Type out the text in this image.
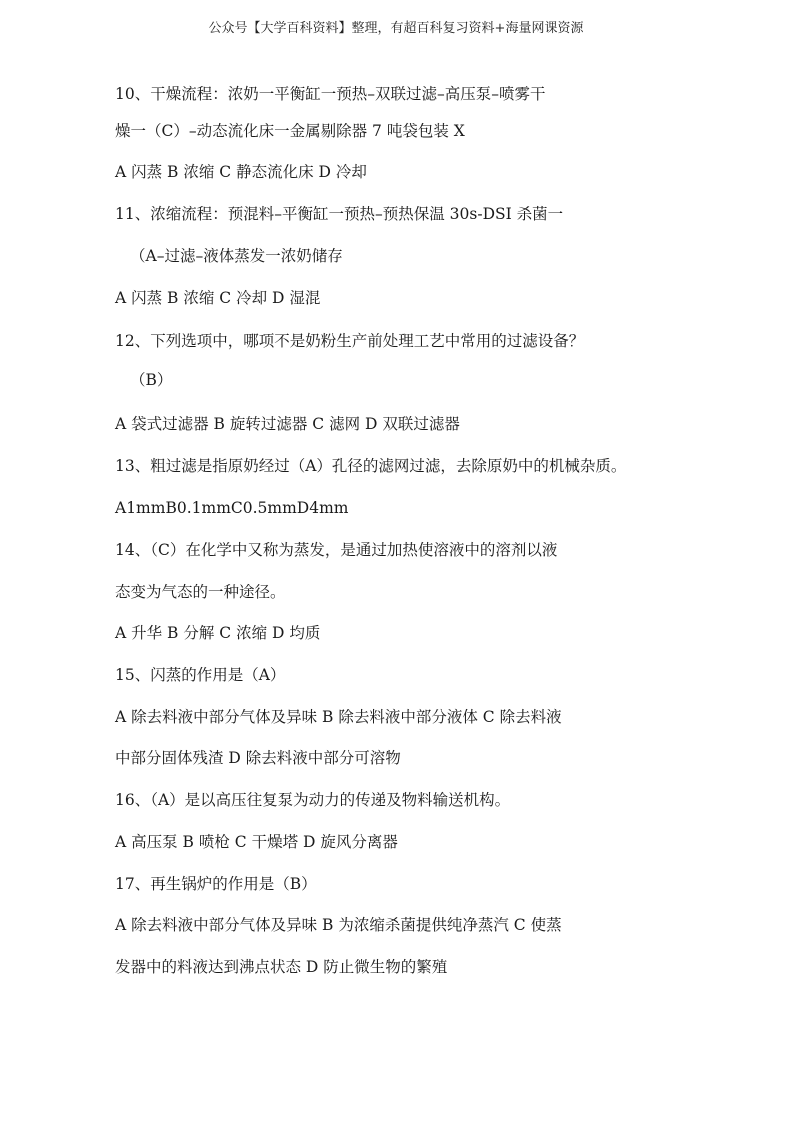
公众号【大学百科资料】整理，有超百科复习资料+海量网课资源
10、干燥流程：浓奶一平衡缸一预热–双联过滤–高压泵–喷雾干
燥一（C）–动态流化床一金属剔除器 7 吨袋包装 X
A 闪蒸 B 浓缩 C 静态流化床 D 冷却
11、浓缩流程：预混料–平衡缸一预热–预热保温 30s-DSI 杀菌一
（A–过滤–液体蒸发一浓奶储存
A 闪蒸 B 浓缩 C 冷却 D 湿混
12、下列选项中，哪项不是奶粉生产前处理工艺中常用的过滤设备？
（B）
A 袋式过滤器 B 旋转过滤器 C 滤网 D 双联过滤器
13、粗过滤是指原奶经过（A）孔径的滤网过滤，去除原奶中的机械杂质。
A1mmB0.1mmC0.5mmD4mm
14、（C）在化学中又称为蒸发，是通过加热使溶液中的溶剂以液
态变为气态的一种途径。
A 升华 B 分解 C 浓缩 D 均质
15、闪蒸的作用是（A）
A 除去料液中部分气体及异味 B 除去料液中部分液体 C 除去料液
中部分固体残渣 D 除去料液中部分可溶物
16、（A）是以高压往复泵为动力的传递及物料输送机构。
A 高压泵 B 喷枪 C 干燥塔 D 旋风分离器
17、再生锅炉的作用是（B）
A 除去料液中部分气体及异味 B 为浓缩杀菌提供纯净蒸汽 C 使蒸
发器中的料液达到沸点状态 D 防止微生物的繁殖
